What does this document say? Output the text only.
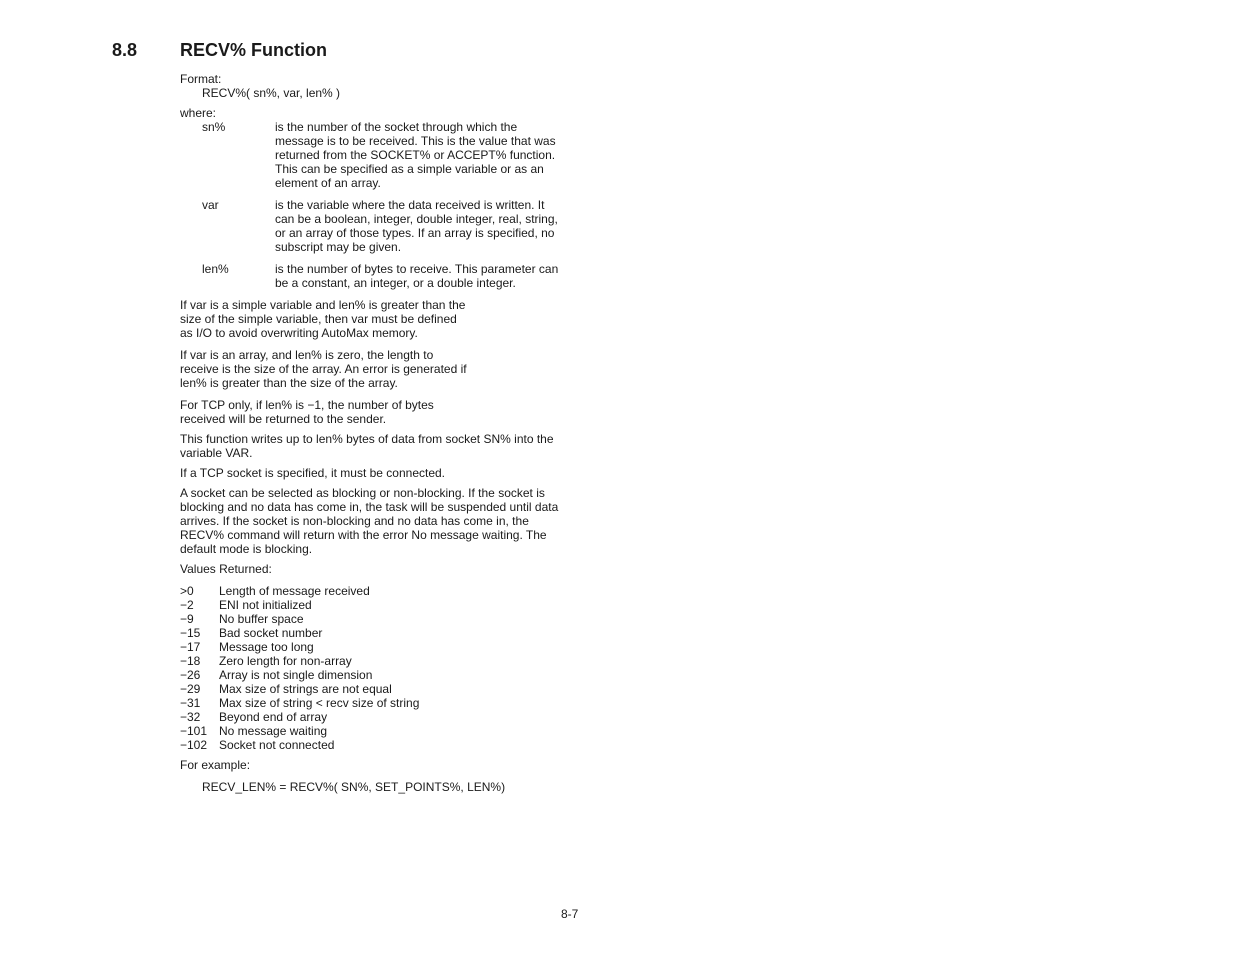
8.8 RECV% Function

Format:

RECV%( sn%, var, len% )

where:

sn%	is the number of the socket through which the message is to be received. This is the value that was returned from the SOCKET% or ACCEPT% function. This can be specified as a simple variable or as an element of an array.

var	is the variable where the data received is written. It can be a boolean, integer, double integer, real, string, or an array of those types. If an array is specified, no subscript may be given.

len%	is the number of bytes to receive. This parameter can be a constant, an integer, or a double integer.

If var is a simple variable and len% is greater than the size of the simple variable, then var must be defined as I/O to avoid overwriting AutoMax memory.

If var is an array, and len% is zero, the length to receive is the size of the array. An error is generated if len% is greater than the size of the array.

For TCP only, if len% is −1, the number of bytes received will be returned to the sender.

This function writes up to len% bytes of data from socket SN% into the variable VAR.

If a TCP socket is specified, it must be connected.

A socket can be selected as blocking or non-blocking. If the socket is blocking and no data has come in, the task will be suspended until data arrives. If the socket is non-blocking and no data has come in, the RECV% command will return with the error No message waiting. The default mode is blocking.

Values Returned:

>0	Length of message received
−2	ENI not initialized
−9	No buffer space
−15	Bad socket number
−17	Message too long
−18	Zero length for non-array
−26	Array is not single dimension
−29	Max size of strings are not equal
−31	Max size of string < recv size of string
−32	Beyond end of array
−101 No message waiting
−102 Socket not connected

For example:

RECV_LEN% = RECV%( SN%, SET_POINTS%, LEN%)

8-7
